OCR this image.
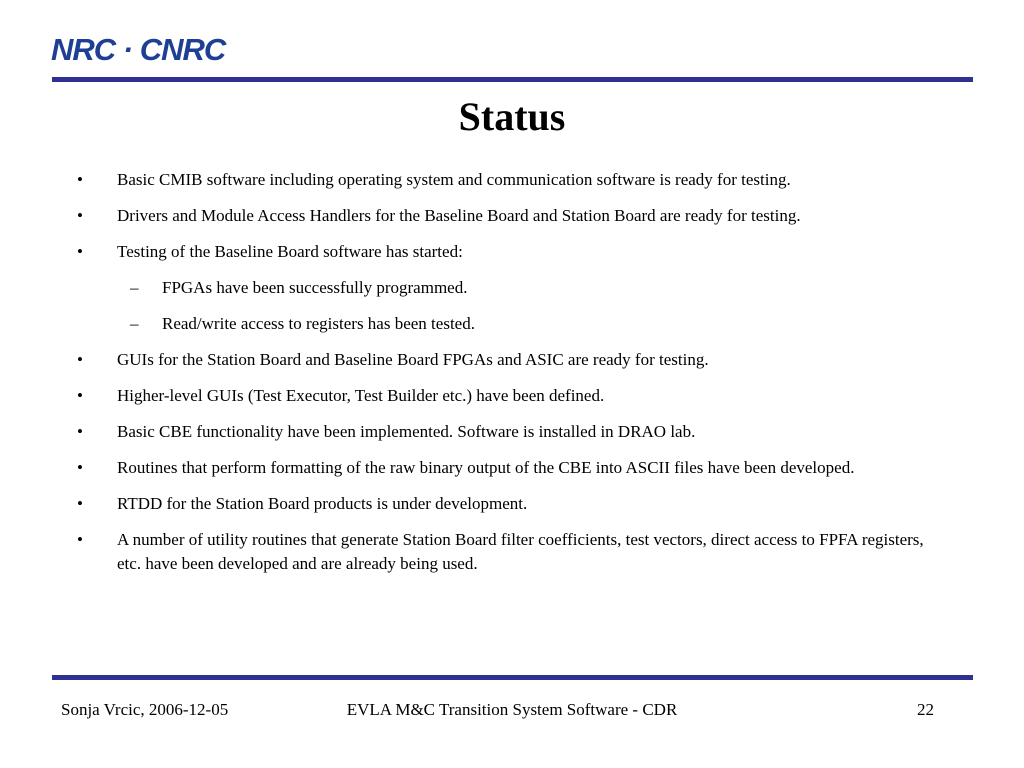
NRC · CNRC
Status
• Basic CMIB software including operating system and communication software is ready for testing.
• Drivers and Module Access Handlers for the Baseline Board and Station Board are ready for testing.
• Testing of the Baseline Board software has started:
– FPGAs have been successfully programmed.
– Read/write access to registers has been tested.
• GUIs for the Station Board and Baseline Board FPGAs and ASIC are ready for testing.
• Higher-level GUIs (Test Executor, Test Builder etc.) have been defined.
• Basic CBE functionality have been implemented. Software is installed in DRAO lab.
• Routines that perform formatting of the raw binary output of the CBE into ASCII files have been developed.
• RTDD for the Station Board products is under development.
• A number of utility routines that generate Station Board filter coefficients, test vectors, direct access to FPFA registers, etc. have been developed and are already being used.
Sonja Vrcic, 2006-12-05	EVLA M&C Transition System Software - CDR	22
